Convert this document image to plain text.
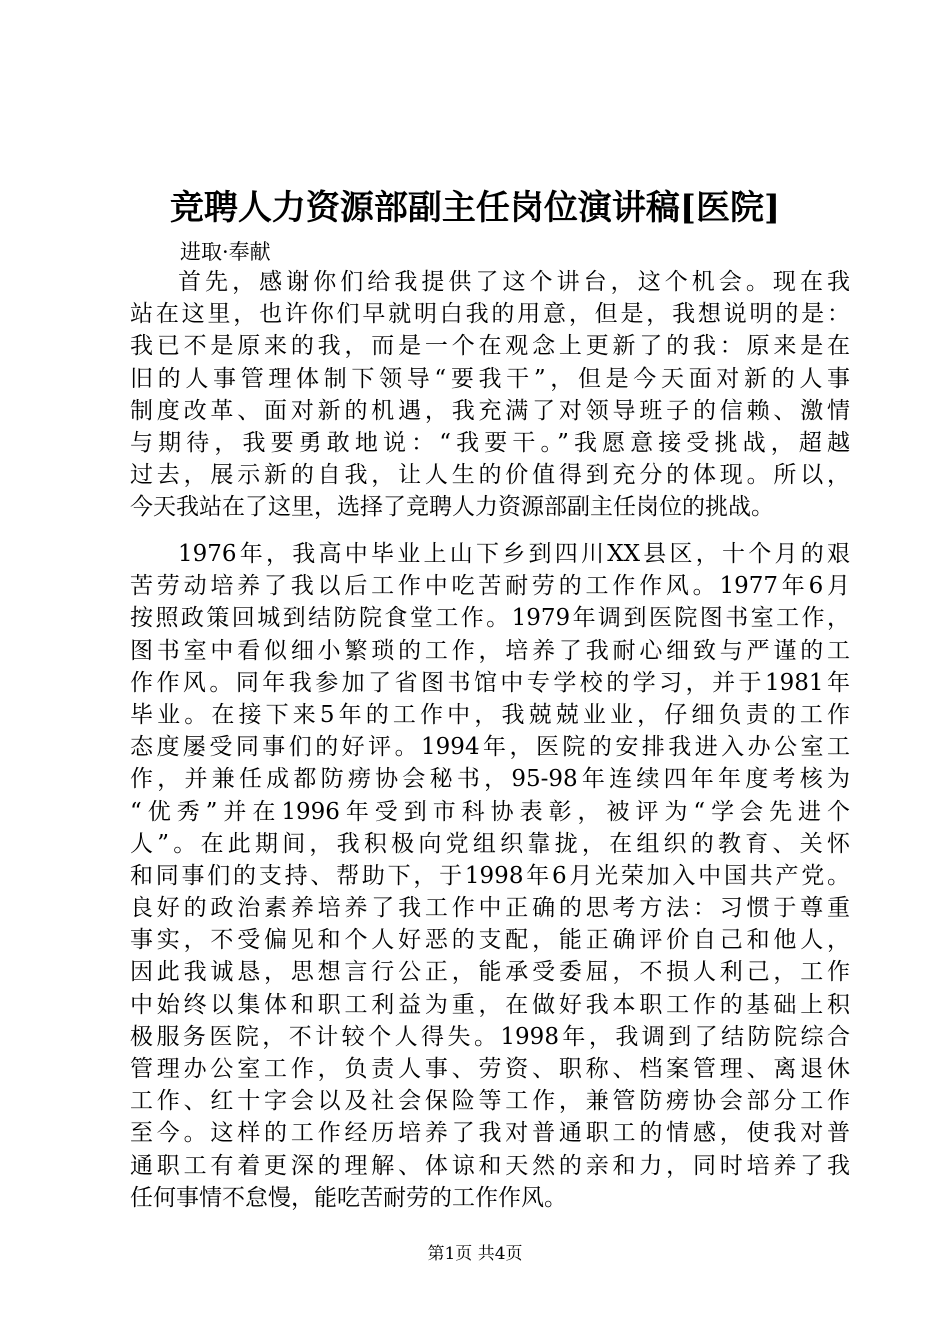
竞聘人力资源部副主任岗位演讲稿[医院]
进取·奉献
首先，感谢你们给我提供了这个讲台，这个机会。现在我
站在这里，也许你们早就明白我的用意，但是，我想说明的是：
我已不是原来的我，而是一个在观念上更新了的我：原来是在
旧的人事管理体制下领导“要我干”，但是今天面对新的人事
制度改革、面对新的机遇，我充满了对领导班子的信赖、激情
与期待，我要勇敢地说：“我要干。”我愿意接受挑战，超越
过去，展示新的自我，让人生的价值得到充分的体现。所以，
今天我站在了这里，选择了竞聘人力资源部副主任岗位的挑战。
1976年，我高中毕业上山下乡到四川XX县区，十个月的艰
苦劳动培养了我以后工作中吃苦耐劳的工作作风。1977年6月
按照政策回城到结防院食堂工作。1979年调到医院图书室工作，
图书室中看似细小繁琐的工作，培养了我耐心细致与严谨的工
作作风。同年我参加了省图书馆中专学校的学习，并于1981年
毕业。在接下来5年的工作中，我兢兢业业，仔细负责的工作
态度屡受同事们的好评。1994年，医院的安排我进入办公室工
作，并兼任成都防痨协会秘书，95-98年连续四年年度考核为
“优秀”并在1996年受到市科协表彰，被评为“学会先进个
人”。在此期间，我积极向党组织靠拢，在组织的教育、关怀
和同事们的支持、帮助下，于1998年6月光荣加入中国共产党。
良好的政治素养培养了我工作中正确的思考方法：习惯于尊重
事实，不受偏见和个人好恶的支配，能正确评价自己和他人，
因此我诚恳，思想言行公正，能承受委屈，不损人利己，工作
中始终以集体和职工利益为重，在做好我本职工作的基础上积
极服务医院，不计较个人得失。1998年，我调到了结防院综合
管理办公室工作，负责人事、劳资、职称、档案管理、离退休
工作、红十字会以及社会保险等工作，兼管防痨协会部分工作
至今。这样的工作经历培养了我对普通职工的情感，使我对普
通职工有着更深的理解、体谅和天然的亲和力，同时培养了我
任何事情不怠慢，能吃苦耐劳的工作作风。
第1页 共4页
